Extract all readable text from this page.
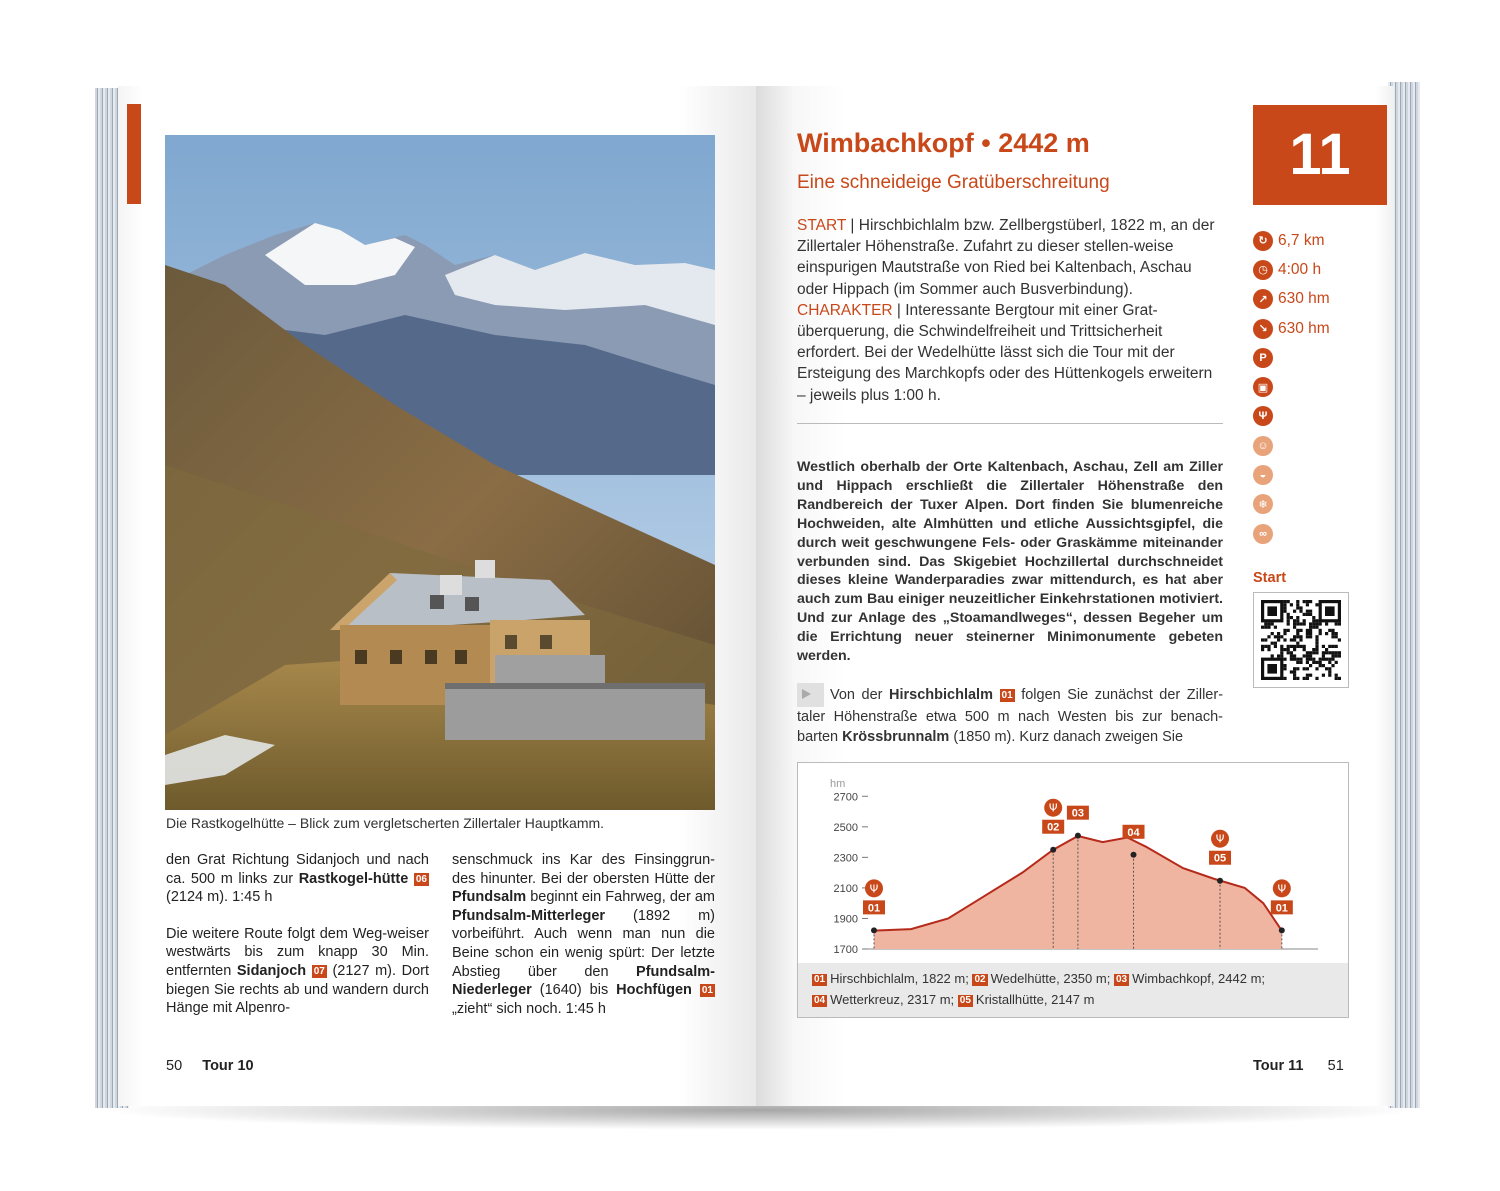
Die Rastkogelhütte – Blick zum vergletscherten Zillertaler Hauptkamm.

den Grat Richtung Sidanjoch und nach ca. 500 m links zur Rastkogel-hütte 06 (2124 m). 1:45 h

Die weitere Route folgt dem Weg-weiser westwärts bis zum knapp 30 Min. entfernten Sidanjoch 07 (2127 m). Dort biegen Sie rechts ab und wandern durch Hänge mit Alpenro-

senschmuck ins Kar des Finsinggrun-des hinunter. Bei der obersten Hütte der Pfundsalm beginnt ein Fahrweg, der am Pfundsalm-Mitterleger (1892 m) vorbeiführt. Auch wenn man nun die Beine schon ein wenig spürt: Der letzte Abstieg über den Pfundsalm-Niederleger (1640) bis Hochfügen 01 „zieht“ sich noch. 1:45 h

50 Tour 10
Wimbachkopf • 2442 m
Eine schneideige Gratüberschreitung	11
START | Hirschbichlalm bzw. Zellbergstüberl, 1822 m, an der Zillertaler Höhenstraße. Zufahrt zu dieser stellen-weise einspurigen Mautstraße von Ried bei Kaltenbach, Aschau oder Hippach (im Sommer auch Busverbindung).
CHARAKTER | Interessante Bergtour mit einer Grat-überquerung, die Schwindelfreiheit und Trittsicherheit erfordert. Bei der Wedelhütte lässt sich die Tour mit der Ersteigung des Marchkopfs oder des Hüttenkogels erweitern – jeweils plus 1:00 h.
Westlich oberhalb der Orte Kaltenbach, Aschau, Zell am Ziller und Hippach erschließt die Zillertaler Höhenstraße den Randbereich der Tuxer Alpen. Dort finden Sie blumenreiche Hochweiden, alte Almhütten und etliche Aussichtsgipfel, die durch weit geschwungene Fels- oder Graskämme miteinander verbunden sind. Das Skigebiet Hochzillertal durchschneidet dieses kleine Wanderparadies zwar mittendurch, es hat aber auch zum Bau einiger neuzeitlicher Einkehrstationen motiviert. Und zur Anlage des „Stoamandlweges“, dessen Begeher um die Errichtung neuer steinerner Minimonumente gebeten werden.
Von der Hirschbichlalm 01 folgen Sie zunächst der Ziller-taler Höhenstraße etwa 500 m nach Westen bis zur benach-barten Krössbrunnalm (1850 m). Kurz danach zweigen Sie
↻ 6,7 km
◷ 4:00 h
↗ 630 hm
↘ 630 hm
P
▣
Ψ
☺
◒
❄
∞
Start
hm
2700
2500
2300
2100
1900
1700
01
Ψ
02
Ψ 03
04
05
Ψ
01
Ψ
01 Hirschbichlalm, 1822 m; 02 Wedelhütte, 2350 m; 03 Wimbachkopf, 2442 m;
04 Wetterkreuz, 2317 m; 05 Kristallhütte, 2147 m
Tour 11 51
